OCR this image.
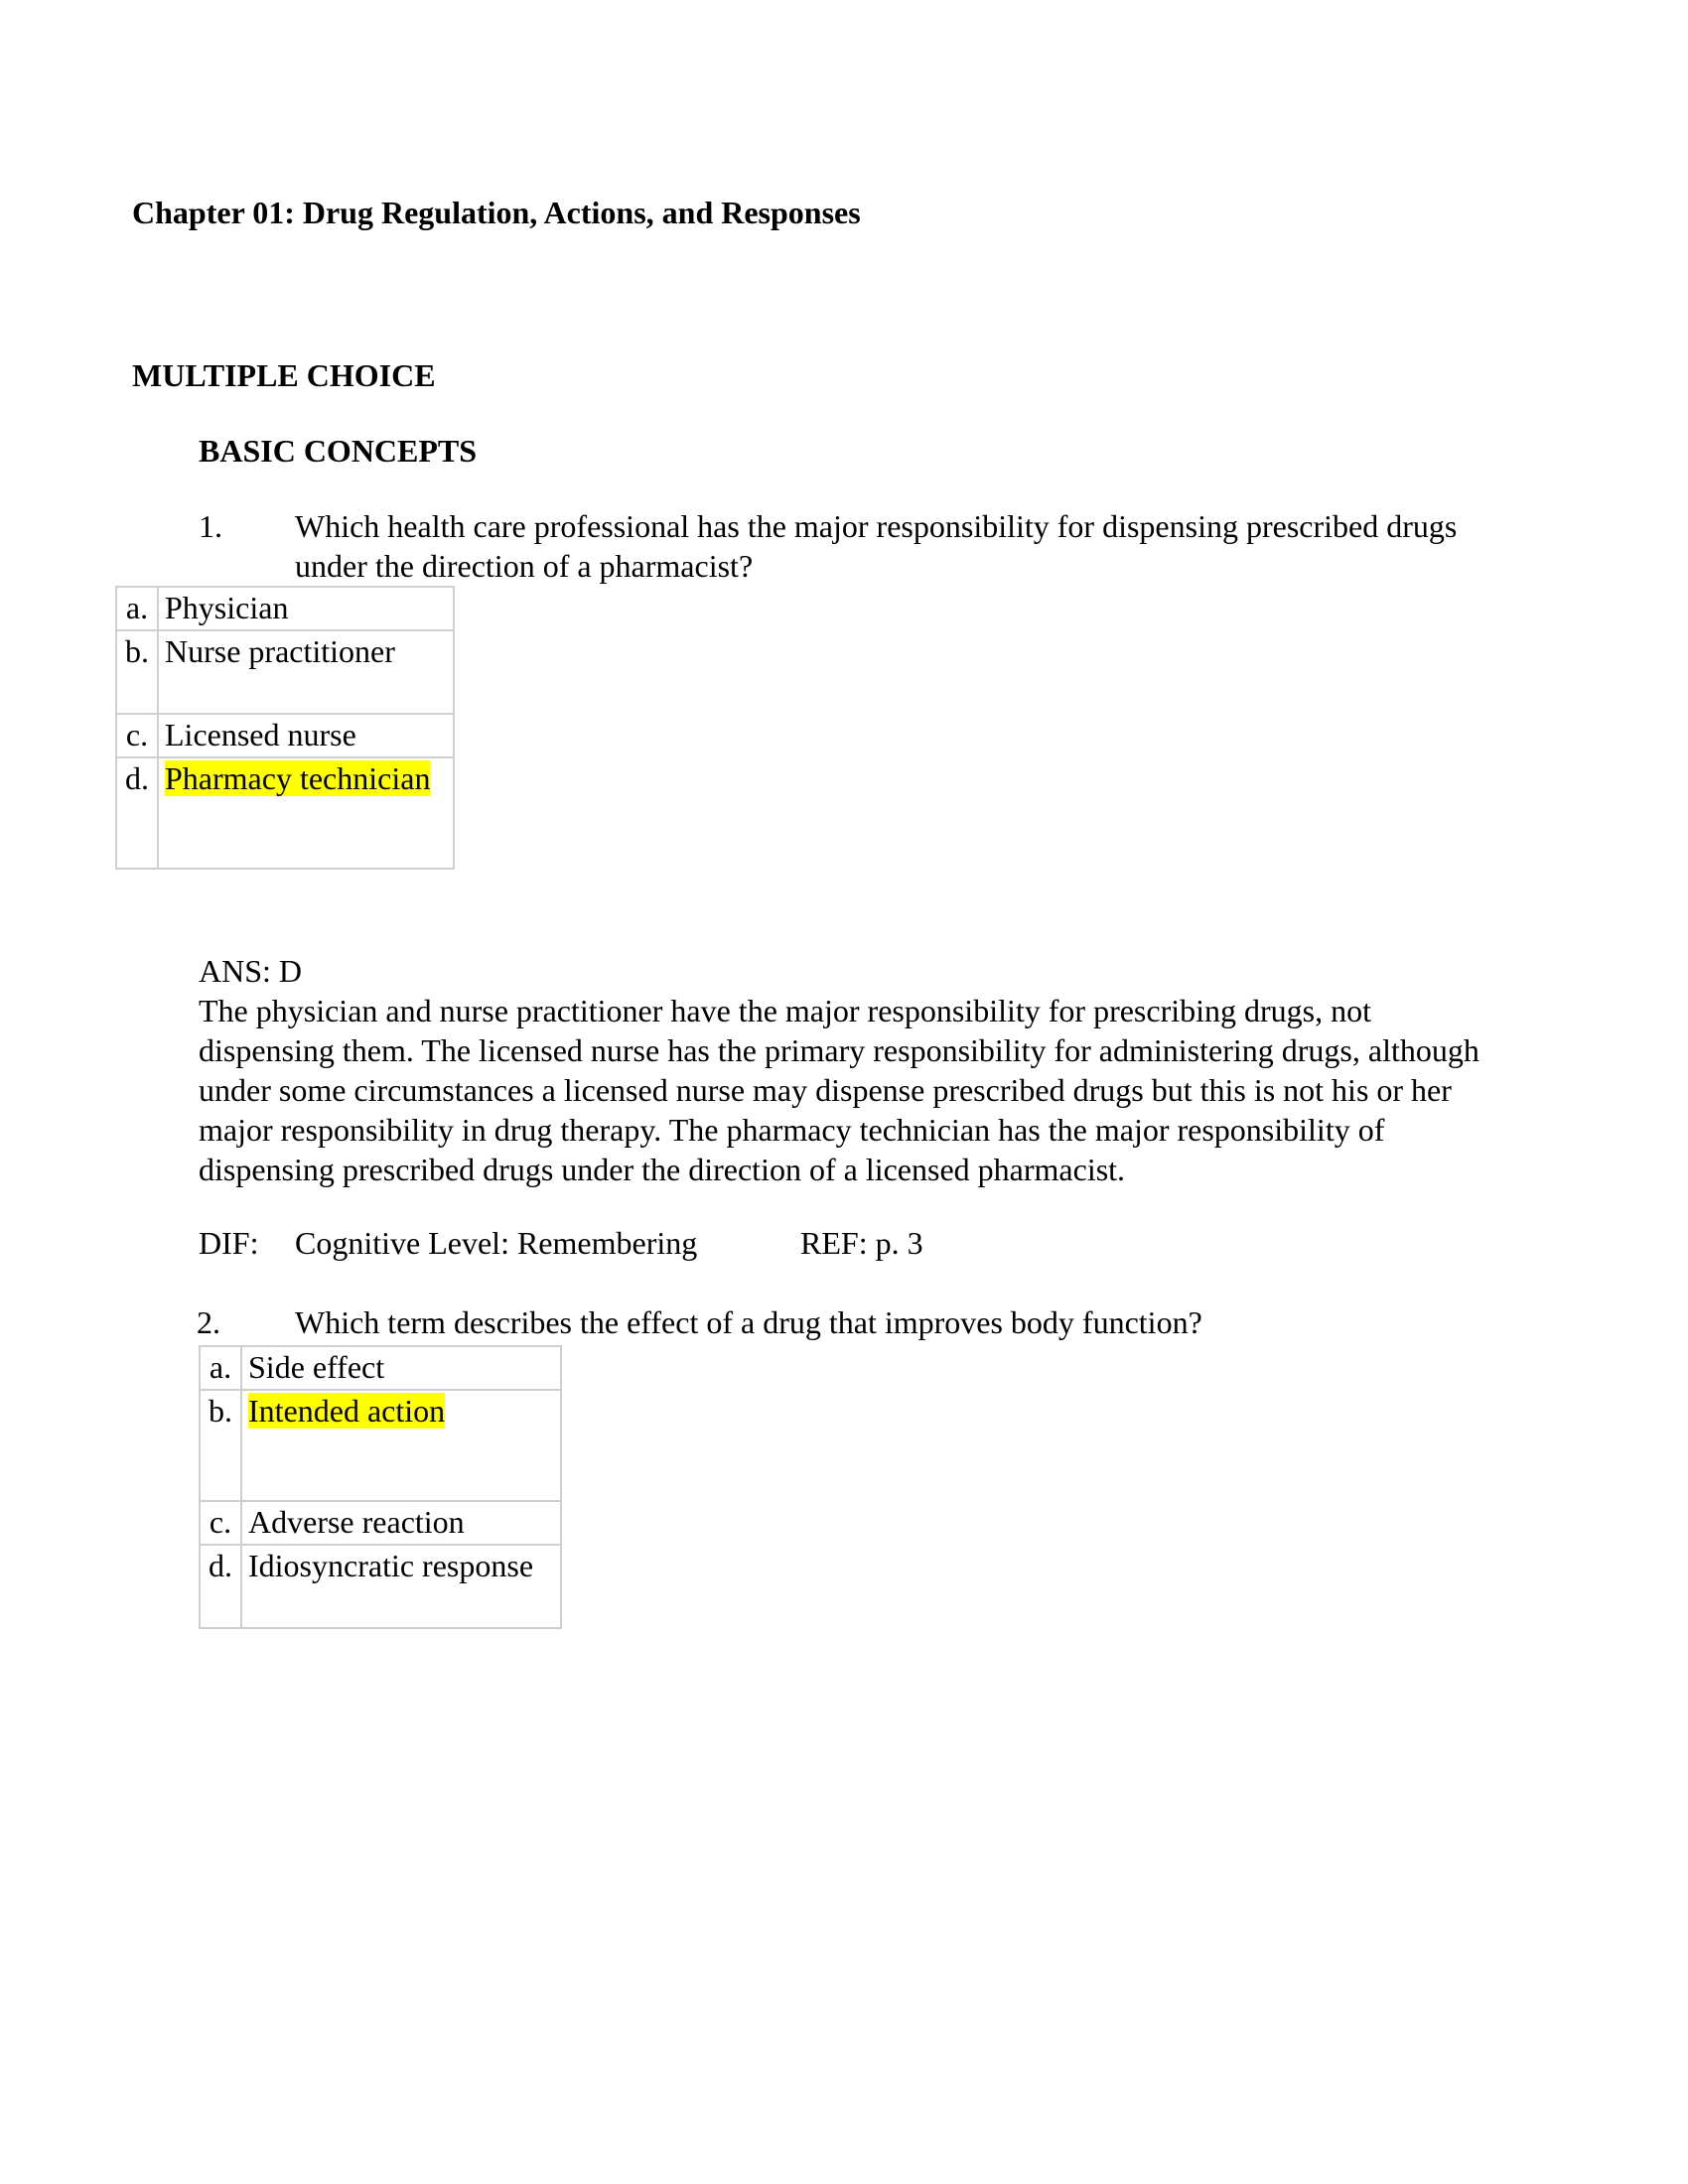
Chapter 01: Drug Regulation, Actions, and Responses
MULTIPLE CHOICE
BASIC CONCEPTS
1. Which health care professional has the major responsibility for dispensing prescribed drugs under the direction of a pharmacist?
a.	Physician
b.	Nurse practitioner
c.	Licensed nurse
d.	Pharmacy technician
ANS: D
The physician and nurse practitioner have the major responsibility for prescribing drugs, not dispensing them. The licensed nurse has the primary responsibility for administering drugs, although under some circumstances a licensed nurse may dispense prescribed drugs but this is not his or her major responsibility in drug therapy. The pharmacy technician has the major responsibility of dispensing prescribed drugs under the direction of a licensed pharmacist.
DIF: Cognitive Level: Remembering	REF: p. 3
2. Which term describes the effect of a drug that improves body function?
a.	Side effect
b.	Intended action
c.	Adverse reaction
d.	Idiosyncratic response
